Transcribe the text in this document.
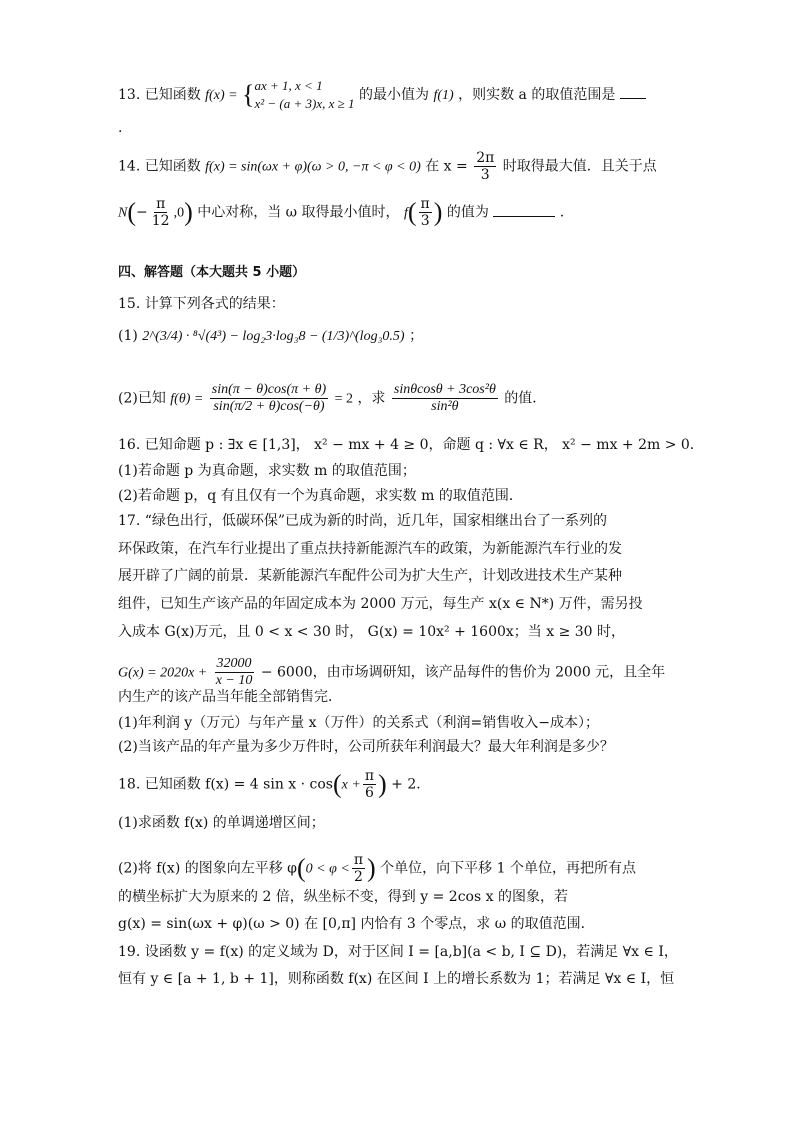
13. 已知函数 f(x) = { ax + 1, x < 1
x² − (a + 3)x, x ≥ 1
的最小值为 f(1) ，则实数 a 的取值范围是
.
14. 已知函数 f(x) = sin(ωx + φ)(ω > 0, −π < φ < 0) 在 $x = \frac{2\pi}{3}$ 时取得最大值．且关于点
$N(- \frac{\pi}{12} ,0)$ 中心对称，当 ω 取得最小值时， $f( \frac{\pi}{3}$ ) 的值为	.
四、解答题（本大题共 5 小题）
15. 计算下列各式的结果：
(1) 2^(3/4) · ⁸√(4³) − log₂3·log₃8 − (1/3)^(log₃0.5) ；
(2)已知 $f(\theta) = \frac{\sin(\pi - \theta)\cos(\pi + \theta)}{\sin(\pi/2 + \theta)\cos(-\theta)} = 2$ ，求 $\frac{\text{sinθcosθ + 3cos²θ}}{\text{sin²θ}}$ 的值．
16. 已知命题 p : ∃x ∈ [1,3]， x² − mx + 4 ≥ 0，命题 q : ∀x ∈ R， x² − mx + 2m > 0．
(1)若命题 p 为真命题，求实数 m 的取值范围；
(2)若命题 p，q 有且仅有一个为真命题，求实数 m 的取值范围．
17. “绿色出行，低碳环保”已成为新的时尚，近几年，国家相继出台了一系列的
环保政策，在汽车行业提出了重点扶持新能源汽车的政策，为新能源汽车行业的发
展开辟了广阔的前景．某新能源汽车配件公司为扩大生产，计划改进技术生产某种
组件，已知生产该产品的年固定成本为 2000 万元，每生产 x(x ∈ N*) 万件，需另投
入成本 G(x)万元，且 0 < x < 30 时， G(x) = 10x² + 1600x；当 x ≥ 30 时，
$G(x) = 2020x + \frac{32000}{x - 10} - 6000$，由市场调研知，该产品每件的售价为 2000 元，且全年
内生产的该产品当年能全部销售完．
(1)年利润 y（万元）与年产量 x（万件）的关系式（利润=销售收入−成本）；
(2)当该产品的年产量为多少万件时，公司所获年利润最大？最大年利润是多少？
18. 已知函数 f(x) = 4 $\sin x \cdot \cos(x + \frac{\pi}{6}$ ) + 2．
(1)求函数 f(x) 的单调递增区间；
(2)将 f(x) 的图象向左平移 $\varphi(0 < \varphi < \frac{\pi}{2}$ ) 个单位，向下平移 1 个单位，再把所有点
的横坐标扩大为原来的 2 倍，纵坐标不变，得到 y = 2cos x 的图象，若
g(x) = sin(ωx + φ)(ω > 0) 在 [0,π] 内恰有 3 个零点，求 ω 的取值范围．
19. 设函数 y = f(x) 的定义域为 D，对于区间 I = [a,b](a < b, I ⊆ D)，若满足 ∀x ∈ I，
恒有 y ∈ [a + 1, b + 1]，则称函数 f(x) 在区间 I 上的增长系数为 1；若满足 ∀x ∈ I，恒
